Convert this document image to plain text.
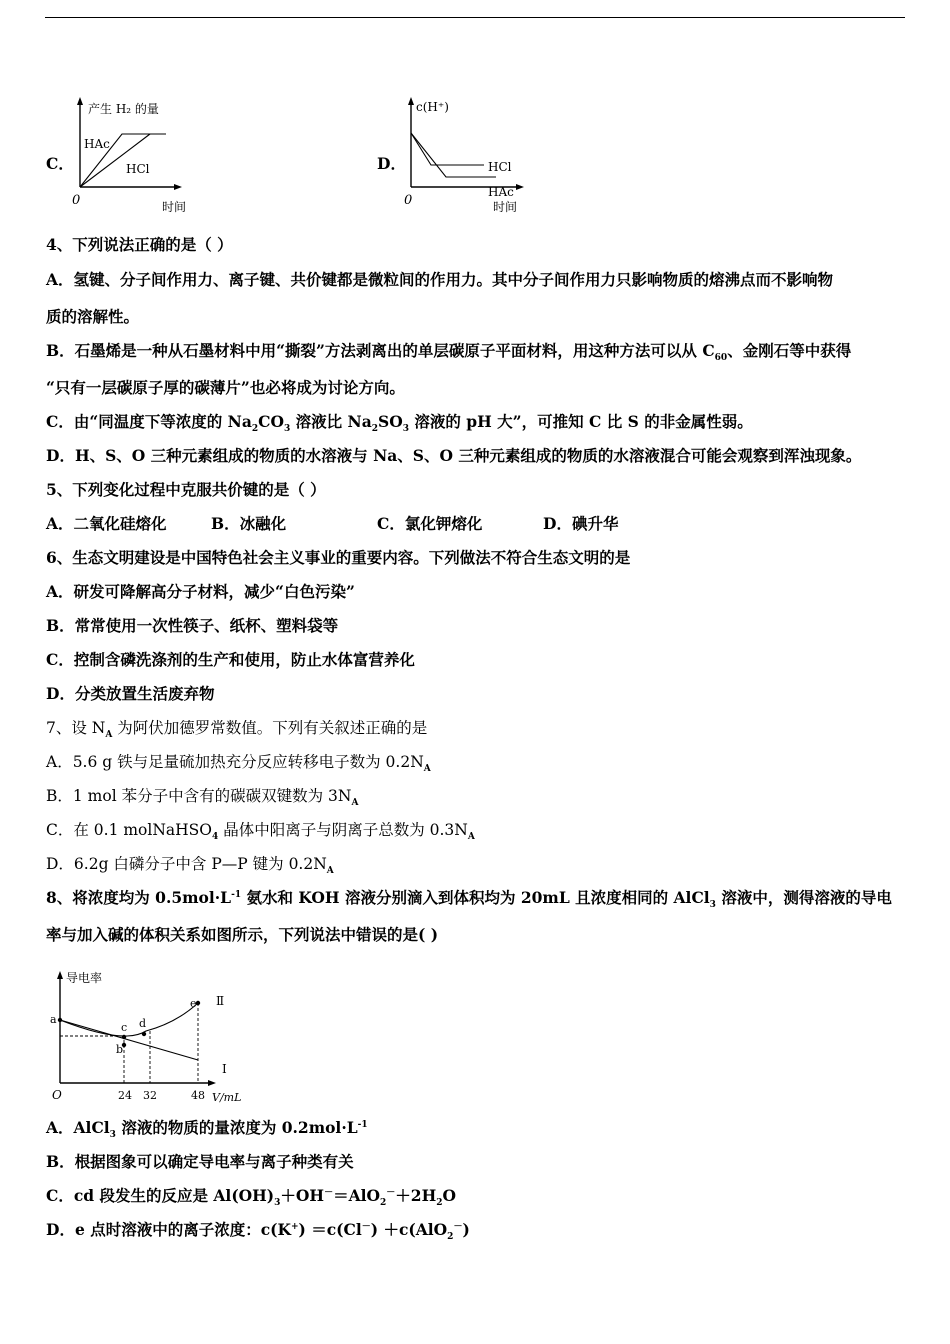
C．
产生 H₂ 的量
HAc
HCl
0	时间
D．
c(H⁺)
HCl
HAc
0	时间
4、下列说法正确的是（ ）
A．氢键、分子间作用力、离子键、共价键都是微粒间的作用力。其中分子间作用力只影响物质的熔沸点而不影响物
质的溶解性。
B．石墨烯是一种从石墨材料中用“撕裂”方法剥离出的单层碳原子平面材料，用这种方法可以从 $C_{60}$、金刚石等中获得
“只有一层碳原子厚的碳薄片”也必将成为讨论方向。
C．由“同温度下等浓度的 $Na_2CO_3$ 溶液比 $Na_2SO_3$ 溶液的 pH 大”，可推知 C 比 S 的非金属性弱。
D．H、S、O 三种元素组成的物质的水溶液与 Na、S、O 三种元素组成的物质的水溶液混合可能会观察到浑浊现象。
5、下列变化过程中克服共价键的是（ ）
A．二氧化硅熔化	B．冰融化	C．氯化钾熔化	D．碘升华
6、生态文明建设是中国特色社会主义事业的重要内容。下列做法不符合生态文明的是
A．研发可降解高分子材料，减少“白色污染”
B．常常使用一次性筷子、纸杯、塑料袋等
C．控制含磷洗涤剂的生产和使用，防止水体富营养化
D．分类放置生活废弃物
7、设 $N_A$ 为阿伏加德罗常数值。下列有关叙述正确的是
A．5.6 g 铁与足量硫加热充分反应转移电子数为 $0.2N_A$
B．1 mol 苯分子中含有的碳碳双键数为 $3N_A$
C．在 0.1 molNaHSO$_4$ 晶体中阳离子与阴离子总数为 $0.3N_A$
D．6.2g 白磷分子中含 P—P 键为 $0.2N_A$
8、将浓度均为 $0.5mol\cdot L^{-1}$ 氨水和 KOH 溶液分别滴入到体积均为 20mL 且浓度相同的 AlCl$_3$ 溶液中，测得溶液的导电
率与加入碱的体积关系如图所示，下列说法中错误的是( )
导电率
a
c d
b
e Ⅱ
Ⅰ
O	24 32	48 V/mL
A．AlCl$_3$ 溶液的物质的量浓度为 $0.2mol\cdot L^{-1}$
B．根据图象可以确定导电率与离子种类有关
C．cd 段发生的反应是 $Al(OH)_3+OH^-=AlO_2^-+2H_2O$
D．e 点时溶液中的离子浓度：c(K+) ＝c(Cl－) ＋c(AlO$_2$－)
